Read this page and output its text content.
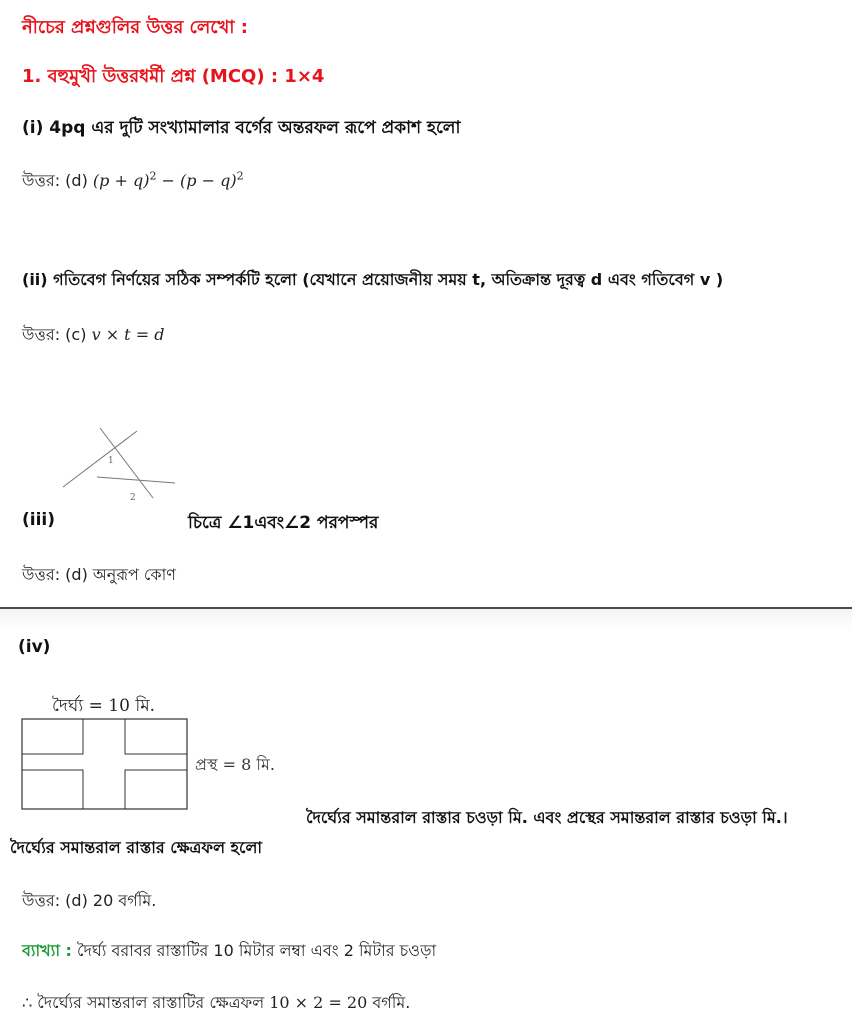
নীচের প্রশ্নগুলির উত্তর লেখো :
1. বহুমুখী উত্তরধর্মী প্রশ্ন (MCQ) : 1×4
(i) 4pq এর দুটি সংখ্যামালার বর্গের অন্তরফল রূপে প্রকাশ হলো
উত্তর: (d) $(p + q)^2 - (p - q)^2$
(ii) গতিবেগ নির্ণয়ের সঠিক সম্পর্কটি হলো (যেখানে প্রয়োজনীয় সময় t, অতিক্রান্ত দূরত্ব d এবং গতিবেগ v )
উত্তর: (c) v × t = d
1
2
(iii)	চিত্রে ∠1এবং∠2 পরপস্পর
উত্তর: (d) অনুরূপ কোণ
(iv)
দৈর্ঘ্য = 10 মি.
প্রস্থ = 8 মি.
দৈর্ঘ্যের সমান্তরাল রাস্তার চওড়া মি. এবং প্রস্থের সমান্তরাল রাস্তার চওড়া মি.।
দৈর্ঘ্যের সমান্তরাল রাস্তার ক্ষেত্রফল হলো
উত্তর: (d) 20 বর্গমি.
ব্যাখ্যা : দৈর্ঘ্য বরাবর রাস্তাটির 10 মিটার লম্বা এবং 2 মিটার চওড়া
∴ দৈর্ঘ্যের সমান্তরাল রাস্তাটির ক্ষেত্রফল 10 × 2 = 20 বর্গমি.
